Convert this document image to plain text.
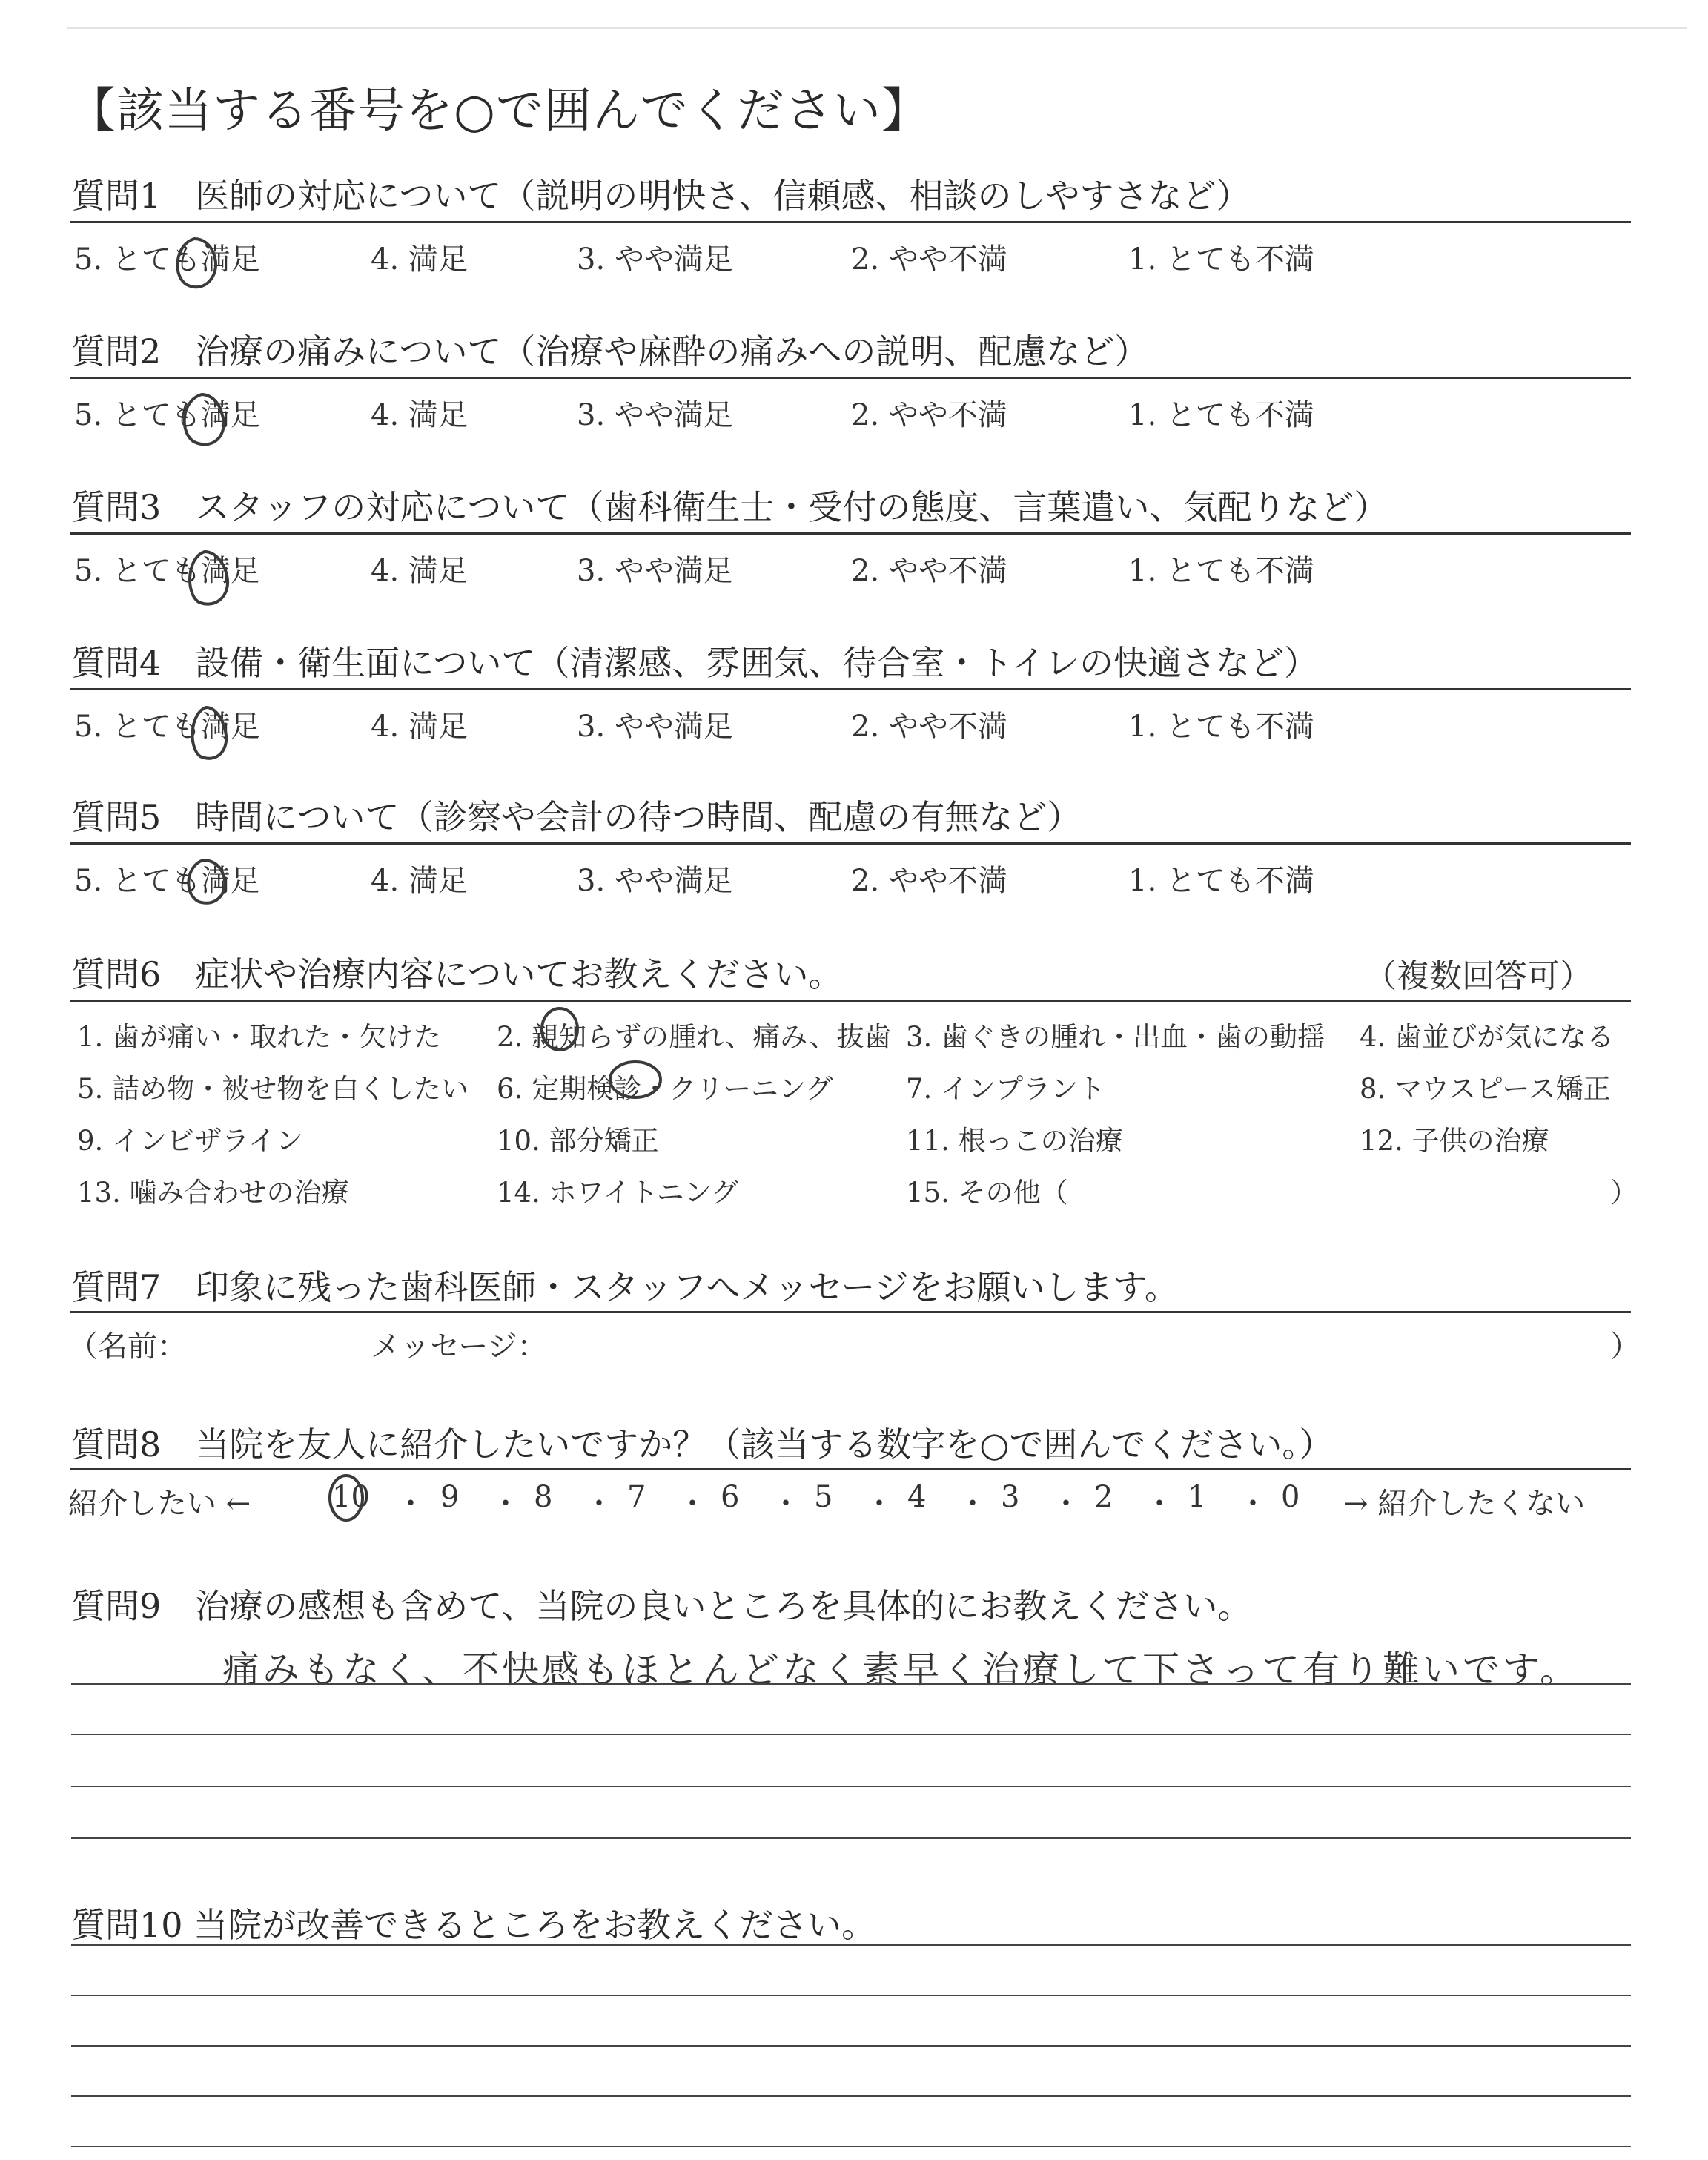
【該当する番号を○で囲んでください】
質問1　医師の対応について（説明の明快さ、信頼感、相談のしやすさなど）
5. とても満足	4. 満足	3. やや満足	2. やや不満	1. とても不満
質問2　治療の痛みについて（治療や麻酔の痛みへの説明、配慮など）
5. とても満足	4. 満足	3. やや満足	2. やや不満	1. とても不満
質問3　スタッフの対応について（歯科衛生士・受付の態度、言葉遣い、気配りなど）
5. とても満足	4. 満足	3. やや満足	2. やや不満	1. とても不満
質問4　設備・衛生面について（清潔感、雰囲気、待合室・トイレの快適さなど）
5. とても満足	4. 満足	3. やや満足	2. やや不満	1. とても不満
質問5　時間について（診察や会計の待つ時間、配慮の有無など）
5. とても満足	4. 満足	3. やや満足	2. やや不満	1. とても不満
質問6　症状や治療内容についてお教えください。	（複数回答可）
1. 歯が痛い・取れた・欠けた 2. 親知らずの腫れ、痛み、抜歯 3. 歯ぐきの腫れ・出血・歯の動揺 4. 歯並びが気になる
5. 詰め物・被せ物を白くしたい 6. 定期検診・クリーニング	7. インプラント	8. マウスピース矯正
9. インビザライン	10. 部分矯正	11. 根っこの治療	12. 子供の治療
13. 噛み合わせの治療	14. ホワイトニング	15. その他（	）
質問7　印象に残った歯科医師・スタッフへメッセージをお願いします。
（名前：	メッセージ：	）
質問8　当院を友人に紹介したいですか？（該当する数字を○で囲んでください。）
紹介したい ←	→ 紹介したくない
10 ・ 9 ・ 8 ・ 7 ・ 6 ・ 5 ・ 4 ・ 3 ・ 2 ・ 1 ・ 0
質問9　治療の感想も含めて、当院の良いところを具体的にお教えください。
痛みもなく、不快感もほとんどなく素早く治療して下さって有り難いです。
質問10 当院が改善できるところをお教えください。
